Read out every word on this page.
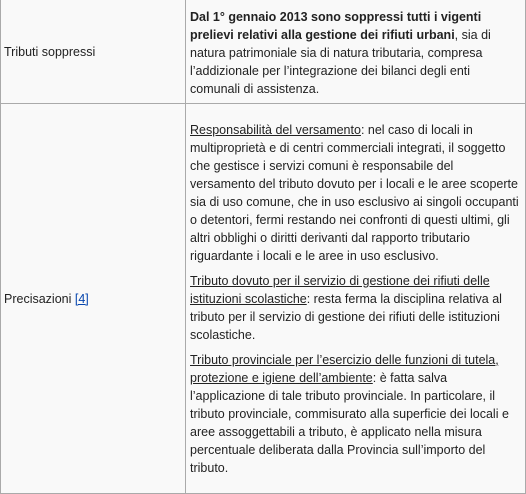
Tributi soppressi	Dal 1° gennaio 2013 sono soppressi tutti i vigenti prelievi relativi alla gestione dei rifiuti urbani, sia di natura patrimoniale sia di natura tributaria, compresa l’addizionale per l’integrazione dei bilanci degli enti comunali di assistenza.

Precisazioni [4]	Responsabilità del versamento: nel caso di locali in multiproprietà e di centri commerciali integrati, il soggetto che gestisce i servizi comuni è responsabile del versamento del tributo dovuto per i locali e le aree scoperte sia di uso comune, che in uso esclusivo ai singoli occupanti o detentori, fermi restando nei confronti di questi ultimi, gli altri obblighi o diritti derivanti dal rapporto tributario riguardante i locali e le aree in uso esclusivo.

Tributo dovuto per il servizio di gestione dei rifiuti delle istituzioni scolastiche: resta ferma la disciplina relativa al tributo per il servizio di gestione dei rifiuti delle istituzioni scolastiche.

Tributo provinciale per l’esercizio delle funzioni di tutela, protezione e igiene dell’ambiente: è fatta salva l’applicazione di tale tributo provinciale. In particolare, il tributo provinciale, commisurato alla superficie dei locali e aree assoggettabili a tributo, è applicato nella misura percentuale deliberata dalla Provincia sull’importo del tributo.
